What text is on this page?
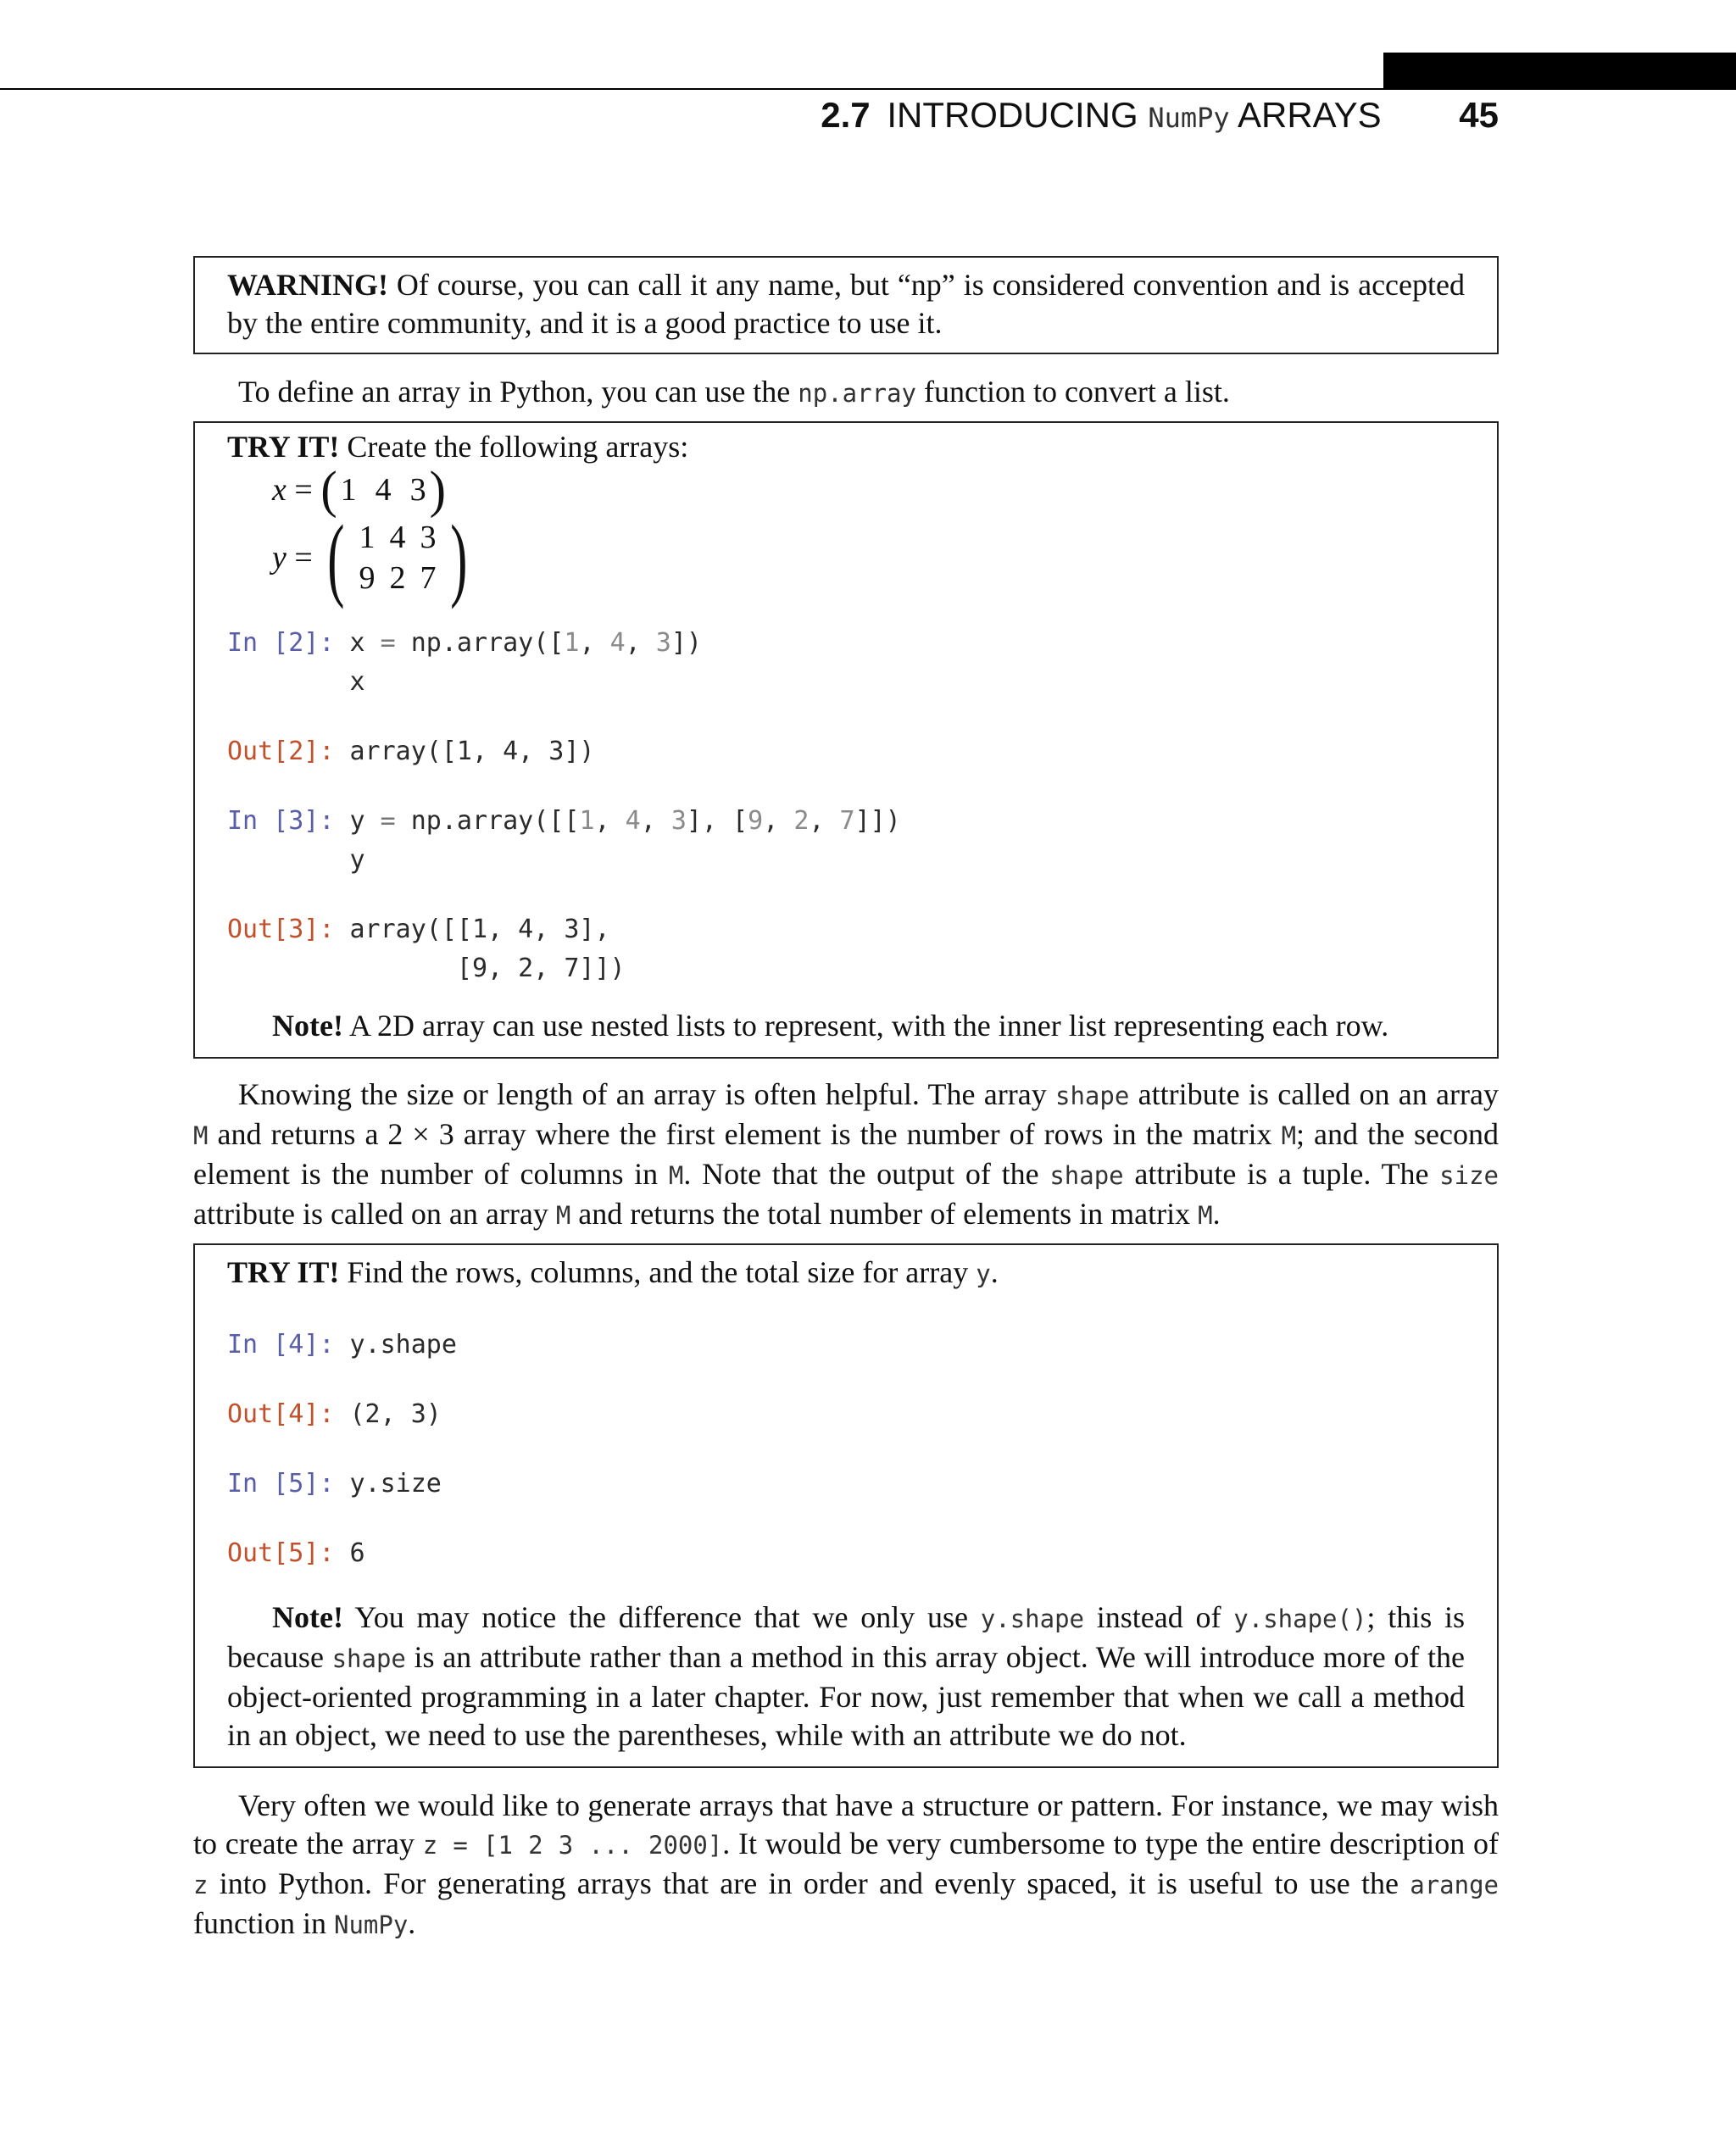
2.7 INTRODUCING NumPy ARRAYS 45

WARNING! Of course, you can call it any name, but “np” is considered convention and is accepted by the entire community, and it is a good practice to use it.

To define an array in Python, you can use the np.array function to convert a list.

TRY IT! Create the following arrays:

x = ( 1 4 3 )
y = ( 1 4 3
9 2 7 )
In [2]: x = np.array([1, 4, 3])
x
Out[2]: array([1, 4, 3])
In [3]: y = np.array([[1, 4, 3], [9, 2, 7]])
y
Out[3]: array([[1, 4, 3],
[9, 2, 7]])

Note! A 2D array can use nested lists to represent, with the inner list representing each row.

Knowing the size or length of an array is often helpful. The array shape attribute is called on an array M and returns a 2 × 3 array where the first element is the number of rows in the matrix M; and the second element is the number of columns in M. Note that the output of the shape attribute is a tuple. The size attribute is called on an array M and returns the total number of elements in matrix M.

TRY IT! Find the rows, columns, and the total size for array y.

In [4]: y.shape
Out[4]: (2, 3)
In [5]: y.size
Out[5]: 6

Note! You may notice the difference that we only use y.shape instead of y.shape(); this is because shape is an attribute rather than a method in this array object. We will introduce more of the object-oriented programming in a later chapter. For now, just remember that when we call a method in an object, we need to use the parentheses, while with an attribute we do not.

Very often we would like to generate arrays that have a structure or pattern. For instance, we may wish to create the array z = [1 2 3 ... 2000]. It would be very cumbersome to type the entire description of z into Python. For generating arrays that are in order and evenly spaced, it is useful to use the arange function in NumPy.
